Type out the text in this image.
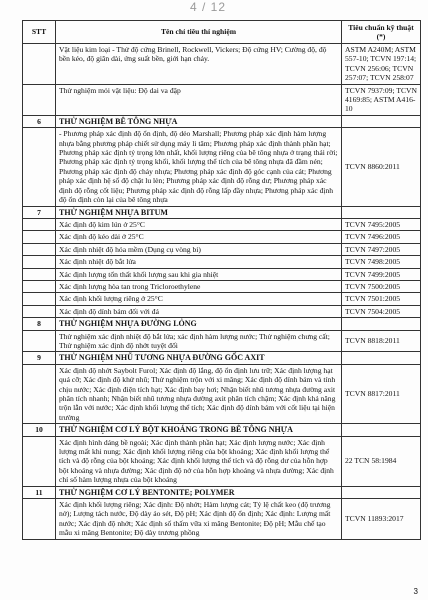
4 / 12
STT	Tên chỉ tiêu thí nghiệm	Tiêu chuẩn kỹ thuật (*)
	Vật liệu kim loại - Thử độ cứng Brinell, Rockwell, Vickers; Độ cứng HV; Cường độ, độ bền kéo, độ giãn dài, ứng suất bền, giới hạn chảy.	ASTM A240M; ASTM 557-10; TCVN 197:14; TCVN 256:06; TCVN 257:07; TCVN 258:07
	Thử nghiệm mỏi vật liệu: Độ dai va đập	TCVN 7937:09; TCVN 4169:85; ASTM A416-10
6	THỬ NGHIỆM BÊ TÔNG NHỰA	
	- Phương pháp xác định độ ổn định, độ dẻo Marshall; Phương pháp xác định hàm lượng nhựa bằng phương pháp chiết sử dụng máy li tâm; Phương pháp xác định thành phần hạt; Phương pháp xác định tỷ trọng lớn nhất, khối lượng riêng của bê tông nhựa ở trạng thái rời; Phương pháp xác định tỷ trọng khối, khối lượng thể tích của bê tông nhựa đã đầm nén; Phương pháp xác định độ chảy nhựa; Phương pháp xác định độ góc cạnh của cát; Phương pháp xác định hệ số độ chặt lu lèn; Phương pháp xác định độ rỗng dư; Phương pháp xác định độ rỗng cốt liệu; Phương pháp xác định độ rỗng lấp đầy nhựa; Phương pháp xác định độ ổn định còn lại của bê tông nhựa	TCVN 8860:2011
7	THỬ NGHIỆM NHỰA BITUM	
	Xác định độ kim lún ở 25°C	TCVN 7495:2005
	Xác định độ kéo dài ở 25°C	TCVN 7496:2005
	Xác định nhiệt độ hóa mềm (Dụng cụ vòng bi)	TCVN 7497:2005
	Xác định nhiệt độ bắt lửa	TCVN 7498:2005
	Xác định lượng tổn thất khối lượng sau khi gia nhiệt	TCVN 7499:2005
	Xác định lượng hòa tan trong Tricloroethylene	TCVN 7500:2005
	Xác định khối lượng riêng ở 25°C	TCVN 7501:2005
	Xác định độ dính bám đối với đá	TCVN 7504:2005
8	THỬ NGHIỆM NHỰA ĐƯỜNG LỎNG	
	Thử nghiệm xác định nhiệt độ bắt lửa; xác định hàm lượng nước; Thử nghiệm chưng cất; Thử nghiệm xác định độ nhớt tuyệt đối	TCVN 8818:2011
9	THỬ NGHIỆM NHŨ TƯƠNG NHỰA ĐƯỜNG GỐC AXIT	
	Xác định độ nhớt Saybolt Furol; Xác định độ lắng, độ ổn định lưu trữ; Xác định lượng hạt quá cỡ; Xác định độ khử nhũ; Thử nghiệm trộn với xi măng; Xác định độ dính bám và tính chịu nước; Xác định điện tích hạt; Xác định bay hơi; Nhận biết nhũ tương nhựa đường axit phân tích nhanh; Nhận biết nhũ tương nhựa đường axit phân tích chậm; Xác định khả năng trộn lẫn với nước; Xác định khối lượng thể tích; Xác định độ dính bám với cốt liệu tại hiện trường	TCVN 8817:2011
10	THỬ NGHIỆM CƠ LÝ BỘT KHOÁNG TRONG BÊ TÔNG NHỰA	
	Xác định hình dáng bề ngoài; Xác định thành phần hạt; Xác định lượng nước; Xác định lượng mất khi nung; Xác định khối lượng riêng của bột khoáng; Xác định khối lượng thể tích và độ rỗng của bột khoáng; Xác định khối lượng thể tích và độ rỗng dư của hỗn hợp bột khoáng và nhựa đường; Xác định độ nở của hỗn hợp khoáng và nhựa đường; Xác định chỉ số hàm lượng nhựa của bột khoáng	22 TCN 58:1984
11	THỬ NGHIỆM CƠ LÝ BENTONITE; POLYMER	
	Xác định khối lượng riêng; Xác định: Độ nhớt; Hàm lượng cát; Tỷ lệ chất keo (độ trương nở); Lượng tách nước, Độ dày áo sét, Độ pH; Xác định độ ổn định; Xác định: Lượng mất nước; Xác định độ nhớt; Xác định số thấm vữa xi măng Bentonite; Độ pH; Mẫu chế tạo mẫu xi măng Bentonite; Độ dày trương phồng	TCVN 11893:2017
3
